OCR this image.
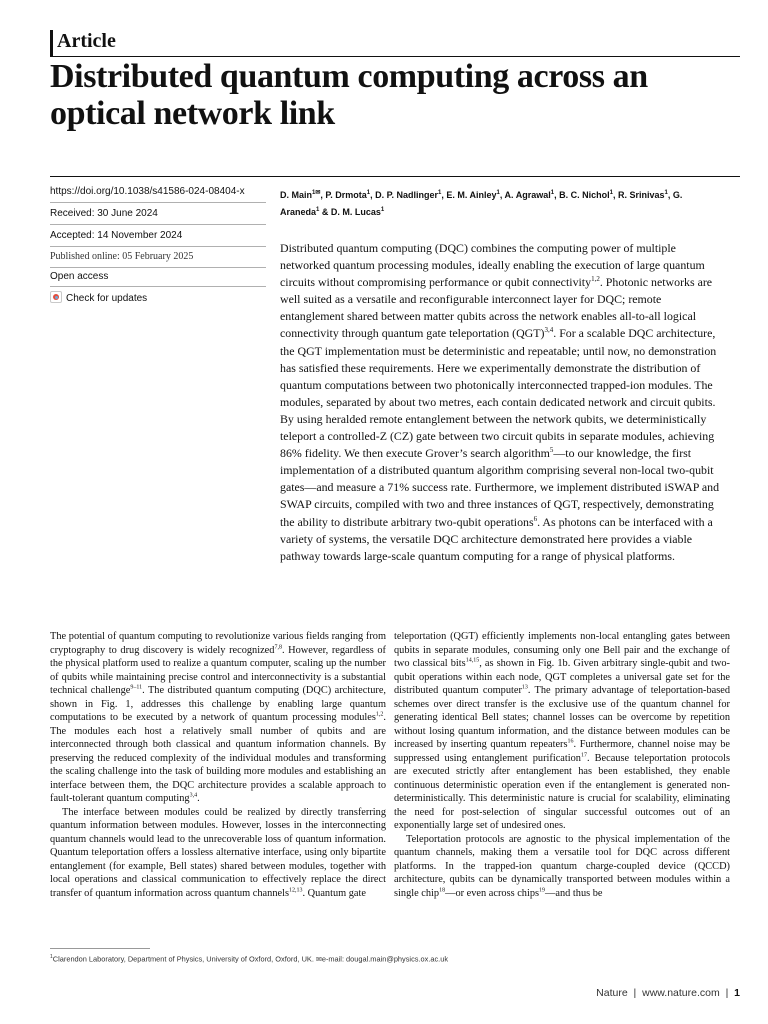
Article
Distributed quantum computing across an optical network link
https://doi.org/10.1038/s41586-024-08404-x
Received: 30 June 2024
Accepted: 14 November 2024
Published online: 05 February 2025
Open access
Check for updates
D. Main$^{1✉}$, P. Drmota$^1$, D. P. Nadlinger$^1$, E. M. Ainley$^1$, A. Agrawal$^1$, B. C. Nichol$^1$, R. Srinivas$^1$, G. Araneda$^1$ & D. M. Lucas$^1$
Distributed quantum computing (DQC) combines the computing power of multiple networked quantum processing modules, ideally enabling the execution of large quantum circuits without compromising performance or qubit connectivity$^{1,2}$. Photonic networks are well suited as a versatile and reconfigurable interconnect layer for DQC; remote entanglement shared between matter qubits across the network enables all-to-all logical connectivity through quantum gate teleportation (QGT)$^{3,4}$. For a scalable DQC architecture, the QGT implementation must be deterministic and repeatable; until now, no demonstration has satisfied these requirements. Here we experimentally demonstrate the distribution of quantum computations between two photonically interconnected trapped-ion modules. The modules, separated by about two metres, each contain dedicated network and circuit qubits. By using heralded remote entanglement between the network qubits, we deterministically teleport a controlled-Z (CZ) gate between two circuit qubits in separate modules, achieving 86% fidelity. We then execute Grover’s search algorithm$^5$—to our knowledge, the first implementation of a distributed quantum algorithm comprising several non-local two-qubit gates—and measure a 71% success rate. Furthermore, we implement distributed iSWAP and SWAP circuits, compiled with two and three instances of QGT, respectively, demonstrating the ability to distribute arbitrary two-qubit operations$^6$. As photons can be interfaced with a variety of systems, the versatile DQC architecture demonstrated here provides a viable pathway towards large-scale quantum computing for a range of physical platforms.

The potential of quantum computing to revolutionize various fields ranging from cryptography to drug discovery is widely recognized$^{7,8}$. However, regardless of the physical platform used to realize a quantum computer, scaling up the number of qubits while maintaining precise control and interconnectivity is a substantial technical challenge$^{9-11}$. The distributed quantum computing (DQC) architecture, shown in Fig. 1, addresses this challenge by enabling large quantum computations to be executed by a network of quantum processing modules$^{1,2}$. The modules each host a relatively small number of qubits and are interconnected through both classical and quantum information channels. By preserving the reduced complexity of the individual modules and transforming the scaling challenge into the task of building more modules and establishing an interface between them, the DQC architecture provides a scalable approach to fault-tolerant quantum computing$^{3,4}$.

The interface between modules could be realized by directly transferring quantum information between modules. However, losses in the interconnecting quantum channels would lead to the unrecoverable loss of quantum information. Quantum teleportation offers a lossless alternative interface, using only bipartite entanglement (for example, Bell states) shared between modules, together with local operations and classical communication to effectively replace the direct transfer of quantum information across quantum channels$^{12,13}$. Quantum gate

teleportation (QGT) efficiently implements non-local entangling gates between qubits in separate modules, consuming only one Bell pair and the exchange of two classical bits$^{14,15}$, as shown in Fig. 1b. Given arbitrary single-qubit and two-qubit operations within each node, QGT completes a universal gate set for the distributed quantum computer$^{13}$. The primary advantage of teleportation-based schemes over direct transfer is the exclusive use of the quantum channel for generating identical Bell states; channel losses can be overcome by repetition without losing quantum information, and the distance between modules can be increased by inserting quantum repeaters$^{16}$. Furthermore, channel noise may be suppressed using entanglement purification$^{17}$. Because teleportation protocols are executed strictly after entanglement has been established, they enable continuous deterministic operation even if the entanglement is generated non-deterministically. This deterministic nature is crucial for scalability, eliminating the need for post-selection of singular successful outcomes out of an exponentially large set of undesired ones.

Teleportation protocols are agnostic to the physical implementation of the quantum channels, making them a versatile tool for DQC across different platforms. In the trapped-ion quantum charge-coupled device (QCCD) architecture, qubits can be dynamically transported between modules within a single chip$^{18}$—or even across chips$^{19}$—and thus be

$^1$Clarendon Laboratory, Department of Physics, University of Oxford, Oxford, UK. ✉e-mail: dougal.main@physics.ox.ac.uk
Nature | www.nature.com | 1
